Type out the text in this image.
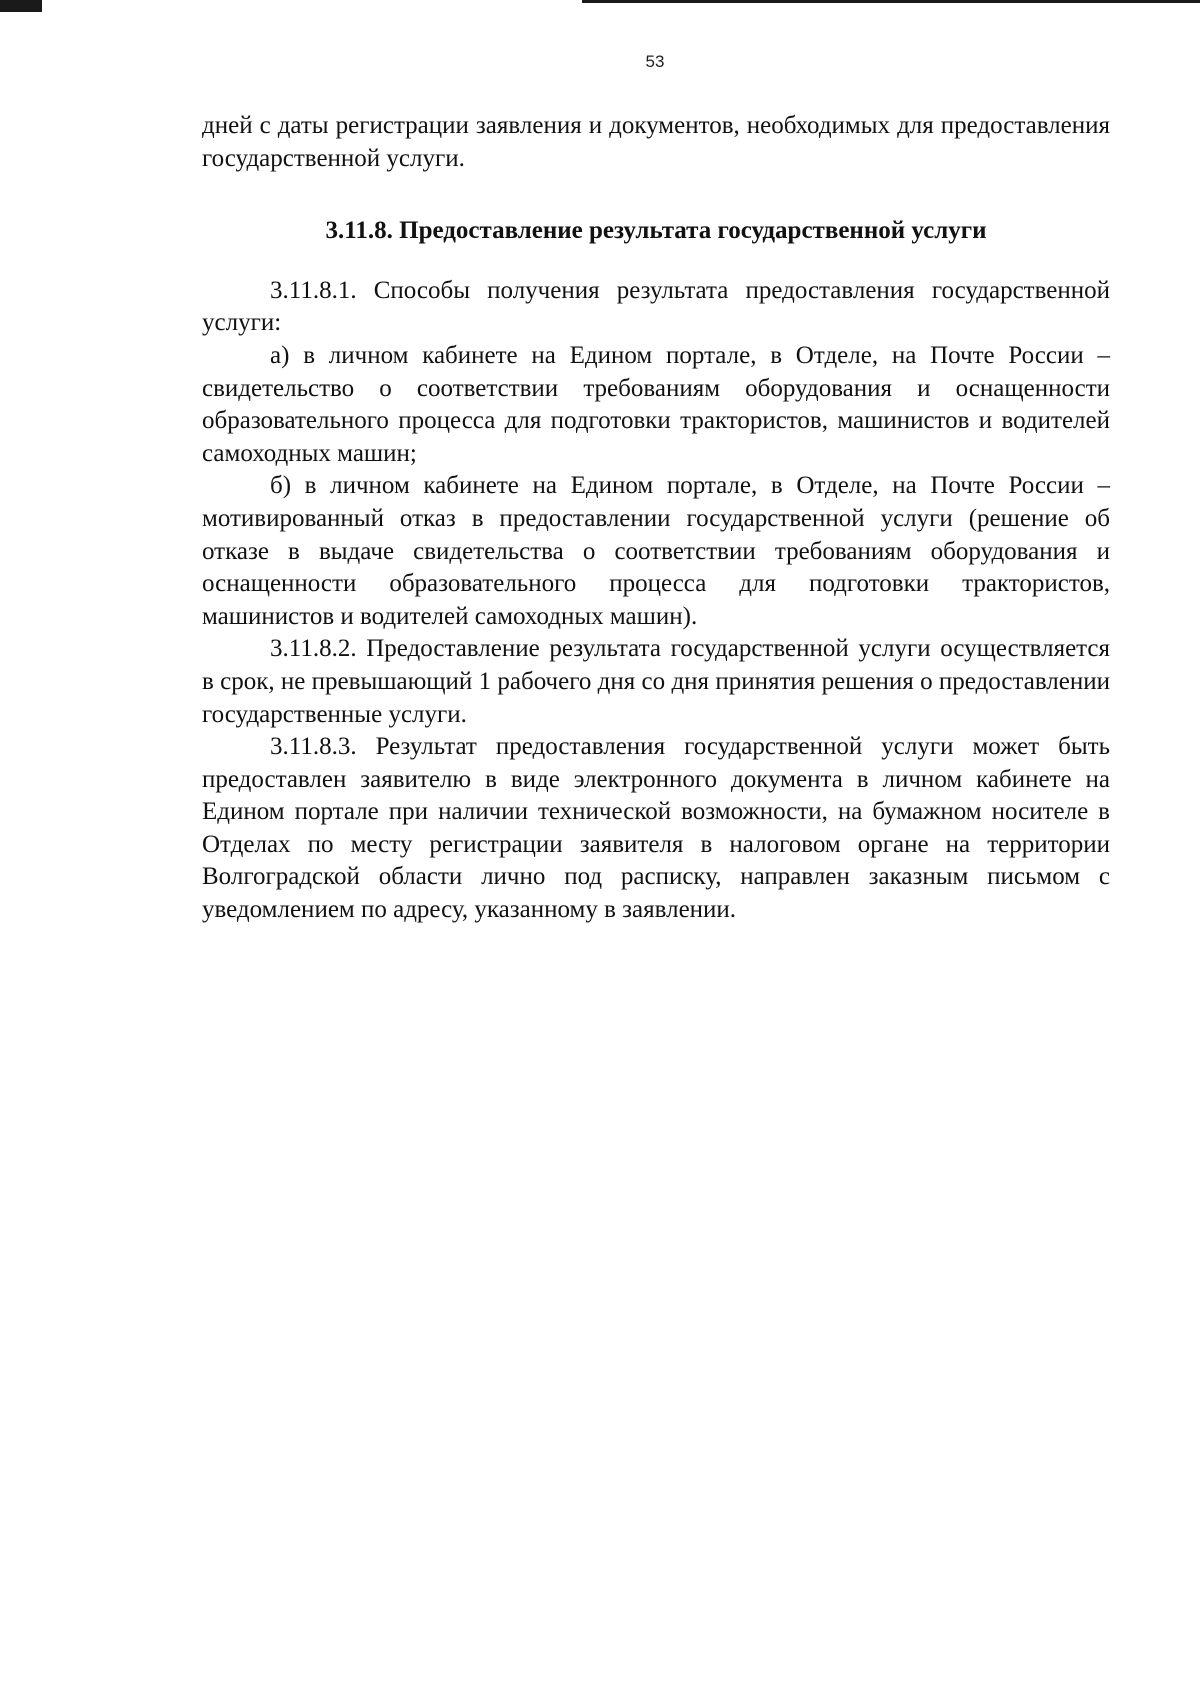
53

дней с даты регистрации заявления и документов, необходимых для предоставления государственной услуги.

3.11.8. Предоставление результата государственной услуги

3.11.8.1. Способы получения результата предоставления государственной услуги:

а) в личном кабинете на Едином портале, в Отделе, на Почте России – свидетельство о соответствии требованиям оборудования и оснащенности образовательного процесса для подготовки трактористов, машинистов и водителей самоходных машин;

б) в личном кабинете на Едином портале, в Отделе, на Почте России – мотивированный отказ в предоставлении государственной услуги (решение об отказе в выдаче свидетельства о соответствии требованиям оборудования и оснащенности образовательного процесса для подготовки трактористов, машинистов и водителей самоходных машин).

3.11.8.2. Предоставление результата государственной услуги осуществляется в срок, не превышающий 1 рабочего дня со дня принятия решения о предоставлении государственные услуги.

3.11.8.3. Результат предоставления государственной услуги может быть предоставлен заявителю в виде электронного документа в личном кабинете на Едином портале при наличии технической возможности, на бумажном носителе в Отделах по месту регистрации заявителя в налоговом органе на территории Волгоградской области лично под расписку, направлен заказным письмом с уведомлением по адресу, указанному в заявлении.
